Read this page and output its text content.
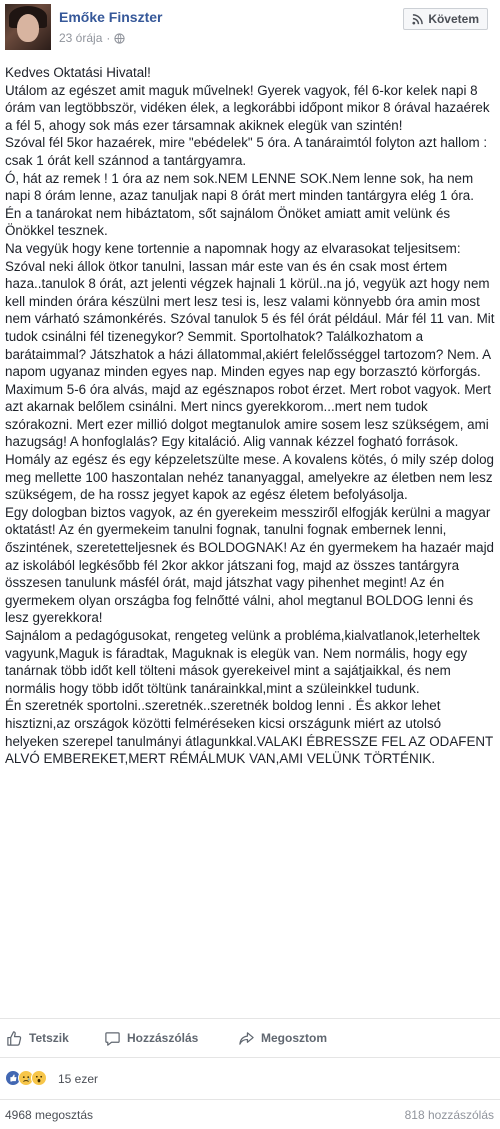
Emőke Finszter
23 órája ·
Követem

Kedves Oktatási Hivatal!

Utálom az egészet amit maguk művelnek! Gyerek vagyok, fél 6-kor kelek napi 8 órám van legtöbbször, vidéken élek, a legkorábbi időpont mikor 8 órával hazaérek a fél 5, ahogy sok más ezer társamnak akiknek elegük van szintén!

Szóval fél 5kor hazaérek, mire "ebédelek" 5 óra. A tanáraimtól folyton azt hallom : csak 1 órát kell szánnod a tantárgyamra.

Ó, hát az remek ! 1 óra az nem sok.NEM LENNE SOK.Nem lenne sok, ha nem napi 8 órám lenne, azaz tanuljak napi 8 órát mert minden tantárgyra elég 1 óra.

Én a tanárokat nem hibáztatom, sőt sajnálom Önöket amiatt amit velünk és Önökkel tesznek.

Na vegyük hogy kene tortennie a napomnak hogy az elvarasokat teljesitsem:

Szóval neki állok ötkor tanulni, lassan már este van és én csak most értem haza..tanulok 8 órát, azt jelenti végzek hajnali 1 körül..na jó, vegyük azt hogy nem kell minden órára készülni mert lesz tesi is, lesz valami könnyebb óra amin most nem várható számonkérés. Szóval tanulok 5 és fél órát például. Már fél 11 van. Mit tudok csinálni fél tizenegykor? Semmit. Sportolhatok? Találkozhatom a barátaimmal? Játszhatok a házi állatommal,akiért felelősséggel tartozom? Nem. A napom ugyanaz minden egyes nap. Minden egyes nap egy borzasztó körforgás. Maximum 5-6 óra alvás, majd az egésznapos robot érzet. Mert robot vagyok. Mert azt akarnak belőlem csinálni. Mert nincs gyerekkorom...mert nem tudok szórakozni. Mert ezer millió dolgot megtanulok amire sosem lesz szükségem, ami hazugság! A honfoglalás? Egy kitaláció. Alig vannak kézzel fogható források. Homály az egész és egy képzeletszülte mese. A kovalens kötés, ó mily szép dolog meg mellette 100 haszontalan nehéz tananyaggal, amelyekre az életben nem lesz szükségem, de ha rossz jegyet kapok az egész életem befolyásolja.

Egy dologban biztos vagyok, az én gyerekeim messziről elfogják kerülni a magyar oktatást! Az én gyermekeim tanulni fognak, tanulni fognak embernek lenni, őszintének, szeretetteljesnek és BOLDOGNAK! Az én gyermekem ha hazaér majd az iskolából legkésőbb fél 2kor akkor játszani fog, majd az összes tantárgyra összesen tanulunk másfél órát, majd játszhat vagy pihenhet megint! Az én gyermekem olyan országba fog felnőtté válni, ahol megtanul BOLDOG lenni és lesz gyerekkora!

Sajnálom a pedagógusokat, rengeteg velünk a probléma,kialvatlanok,leterheltek vagyunk,Maguk is fáradtak, Maguknak is elegük van. Nem normális, hogy egy tanárnak több időt kell tölteni mások gyerekeivel mint a sajátjaikkal, és nem normális hogy több időt töltünk tanárainkkal,mint a szüleinkkel tudunk.

Én szeretnék sportolni..szeretnék..szeretnék boldog lenni . És akkor lehet hisztizni,az országok közötti felméréseken kicsi országunk miért az utolsó helyeken szerepel tanulmányi átlagunkkal.VALAKI ÉBRESSZE FEL AZ ODAFENT ALVÓ EMBEREKET,MERT RÉMÁLMUK VAN,AMI VELÜNK TÖRTÉNIK.

Tetszik	Hozzászólás	Megosztom
15 ezer
4968 megosztás	818 hozzászólás
